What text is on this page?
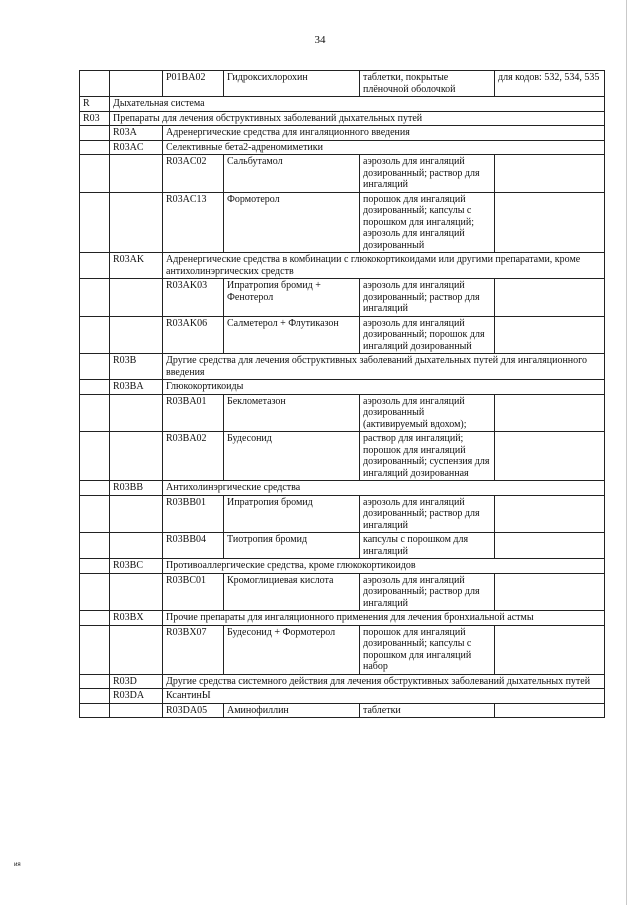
34
		P01BA02	Гидроксихлорохин	таблетки, покрытые плёночной оболочкой	для кодов: 532, 534, 535
R	Дыхательная система				
R03	Препараты для лечения обструктивных заболеваний дыхательных путей				
	R03A	Адренергические средства для ингаляционного введения			
	R03AC	Селективные бета2-адреномиметики			
		R03AC02	Сальбутамол	аэрозоль для ингаляций дозированный; раствор для ингаляций	
		R03AC13	Формотерол	порошок для ингаляций дозированный; капсулы с порошком для ингаляций; аэрозоль для ингаляций дозированный	
	R03AK	Адренергические средства в комбинации с глюкокортикоидами или другими препаратами, кроме антихолинэргических средств			
		R03AK03	Ипратропия бромид + Фенотерол	аэрозоль для ингаляций дозированный; раствор для ингаляций	
		R03AK06	Салметерол + Флутиказон	аэрозоль для ингаляций дозированный; порошок для ингаляций дозированный	
	R03B	Другие средства для лечения обструктивных заболеваний дыхательных путей для ингаляционного введения			
	R03BA	Глюкокортикоиды			
		R03BA01	Беклометазон	аэрозоль для ингаляций дозированный (активируемый вдохом);	
		R03BA02	Будесонид	раствор для ингаляций; порошок для ингаляций дозированный; суспензия для ингаляций дозированная	
	R03BB	Антихолинэргические средства			
		R03BB01	Ипратропия бромид	аэрозоль для ингаляций дозированный; раствор для ингаляций	
		R03BB04	Тиотропия бромид	капсулы с порошком для ингаляций	
	R03BC	Противоаллергические средства, кроме глюкокортикоидов			
		R03BC01	Кромоглициевая кислота	аэрозоль для ингаляций дозированный; раствор для ингаляций	
	R03BX	Прочие препараты для ингаляционного применения для лечения бронхиальной астмы			
		R03BX07	Будесонид + Формотерол	порошок для ингаляций дозированный; капсулы с порошком для ингаляций набор	
	R03D	Другие средства системного действия для лечения обструктивных заболеваний дыхательных путей			
	R03DA	КсантинЫ			
		R03DA05	Аминофиллин	таблетки	
ия
